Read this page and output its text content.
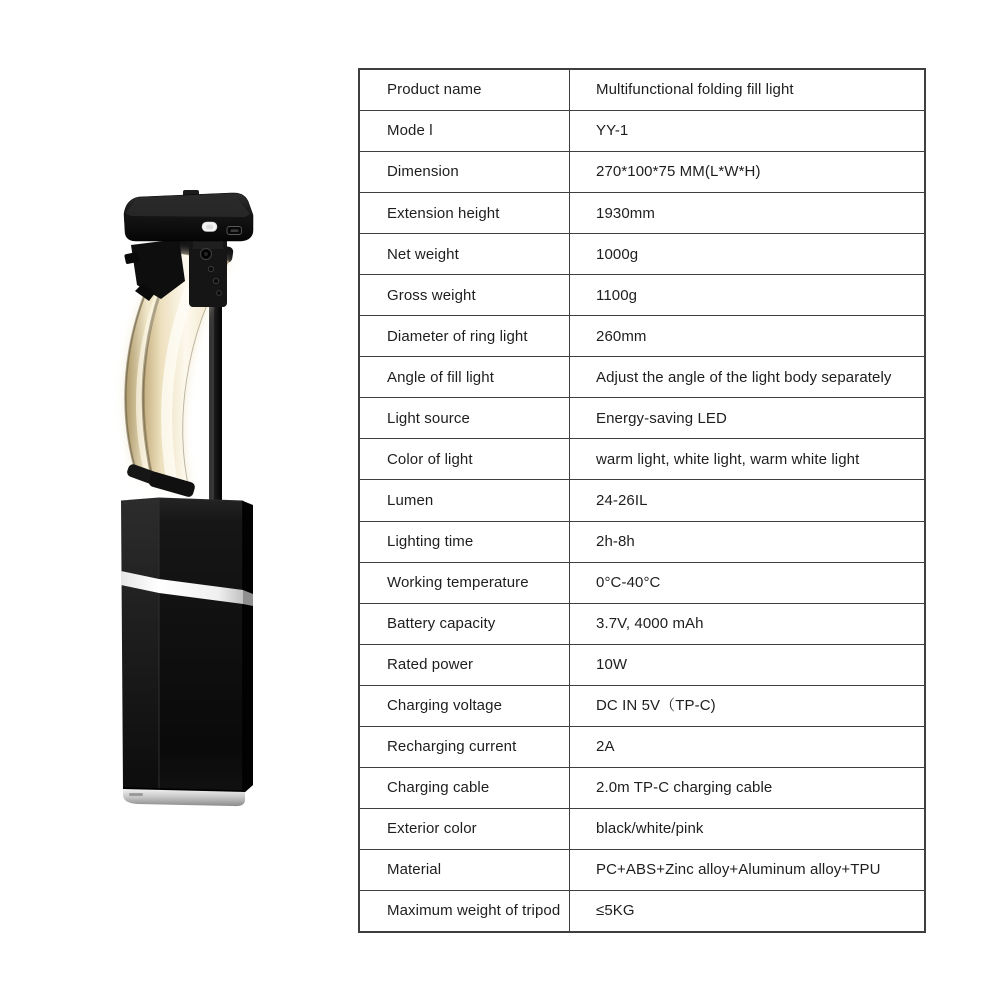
Product name	Multifunctional folding fill light
Mode l	YY-1
Dimension	270*100*75 MM(L*W*H)
Extension height	1930mm
Net weight	1000g
Gross weight	1100g
Diameter of ring light	260mm
Angle of fill light	Adjust the angle of the light body separately
Light source	Energy-saving LED
Color of light	warm light, white light, warm white light
Lumen	24-26IL
Lighting time	2h-8h
Working temperature	0°C-40°C
Battery capacity	3.7V, 4000 mAh
Rated power	10W
Charging voltage	DC IN 5V（TP-C)
Recharging current	2A
Charging cable	2.0m TP-C charging cable
Exterior color	black/white/pink
Material	PC+ABS+Zinc alloy+Aluminum alloy+TPU
Maximum weight of tripod	≤5KG
